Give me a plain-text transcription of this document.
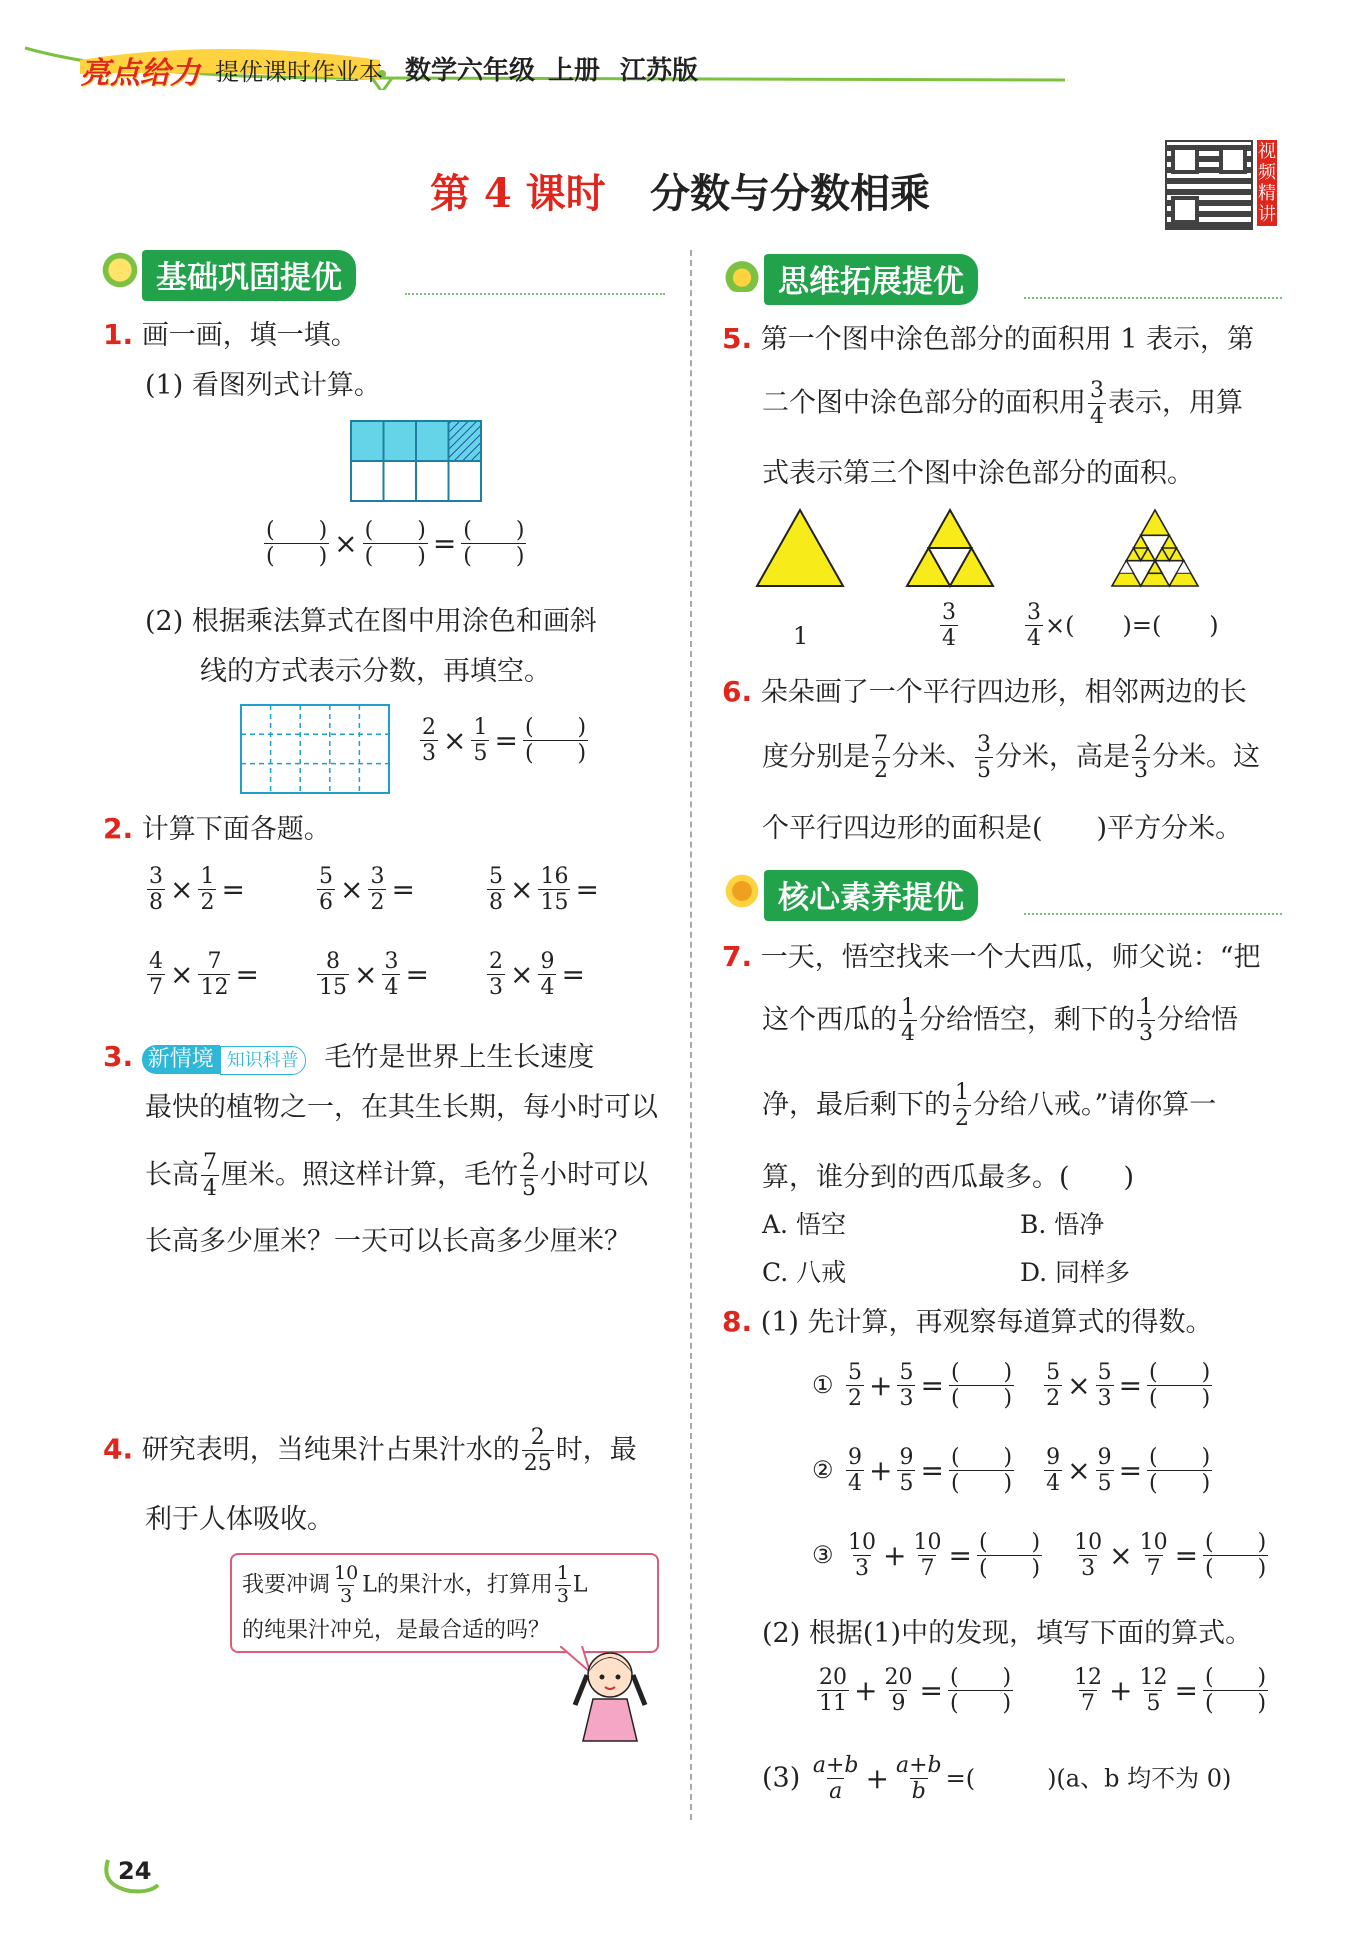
亮点给力 提优课时作业本 数学六年级 上册 江苏版
第 4 课时 分数与分数相乘
视频精讲
基础巩固提优
1. 画一画，填一填。
(1) 看图列式计算。
$\frac{( )}{( )} \times \frac{( )}{( )} = \frac{( )}{( )}$
(2) 根据乘法算式在图中用涂色和画斜
线的方式表示分数，再填空。
$\frac{2}{3} \times \frac{1}{5} = \frac{( )}{( )}$
2. 计算下面各题。
$\frac{3}{8} \times \frac{1}{2}$ =	$\frac{5}{6} \times \frac{3}{2}$ =	$\frac{5}{8} \times \frac{16}{15}$ =
$\frac{4}{7} \times \frac{7}{12}$ =	$\frac{8}{15} \times \frac{3}{4}$ =	$\frac{2}{3} \times \frac{9}{4}$ =
3. 新情境 知识科普 毛竹是世界上生长速度
最快的植物之一，在其生长期，每小时可以
长高 $\frac{7}{4}$ 厘米。照这样计算，毛竹 $\frac{2}{5}$ 小时可以
长高多少厘米？一天可以长高多少厘米？
4. 研究表明，当纯果汁占果汁水的 $\frac{2}{25}$ 时，最
利于人体吸收。
我要冲调 $\frac{10}{3}$ L的果汁水，打算用 $\frac{1}{3}$ L
的纯果汁冲兑，是最合适的吗？
思维拓展提优
5. 第一个图中涂色部分的面积用 1 表示，第
二个图中涂色部分的面积用 $\frac{3}{4}$ 表示，用算
式表示第三个图中涂色部分的面积。
1	$\frac{3}{4}$	$\frac{3}{4}$ ×(　　)=(　　)
6. 朵朵画了一个平行四边形，相邻两边的长
度分别是 $\frac{7}{2}$ 分米、 $\frac{3}{5}$ 分米，高是 $\frac{2}{3}$ 分米。这
个平行四边形的面积是(　　)平方分米。
核心素养提优
7. 一天，悟空找来一个大西瓜，师父说：“把
这个西瓜的 $\frac{1}{4}$ 分给悟空，剩下的 $\frac{1}{3}$ 分给悟
净，最后剩下的 $\frac{1}{2}$ 分给八戒。”请你算一
算，谁分到的西瓜最多。(　　)
A. 悟空	B. 悟净
C. 八戒	D. 同样多
8. (1) 先计算，再观察每道算式的得数。
① $\frac{5}{2} + \frac{5}{3} = \frac{( )}{( )} \frac{5}{2} \times \frac{5}{3} = \frac{( )}{( )}$
② $\frac{9}{4} + \frac{9}{5} = \frac{( )}{( )} \frac{9}{4} \times \frac{9}{5} = \frac{( )}{( )}$
③ $\frac{10}{3} + \frac{10}{7} = \frac{( )}{( )} \frac{10}{3} \times \frac{10}{7} = \frac{( )}{( )}$
(2) 根据(1)中的发现，填写下面的算式。
$\frac{20}{11} + \frac{20}{9} = \frac{( )}{( )}$	$\frac{12}{7} + \frac{12}{5} = \frac{( )}{( )}$
$(3) \frac{a+b}{a} + \frac{a+b}{b}$ =(　　　)(a、b 均不为 0)
24
